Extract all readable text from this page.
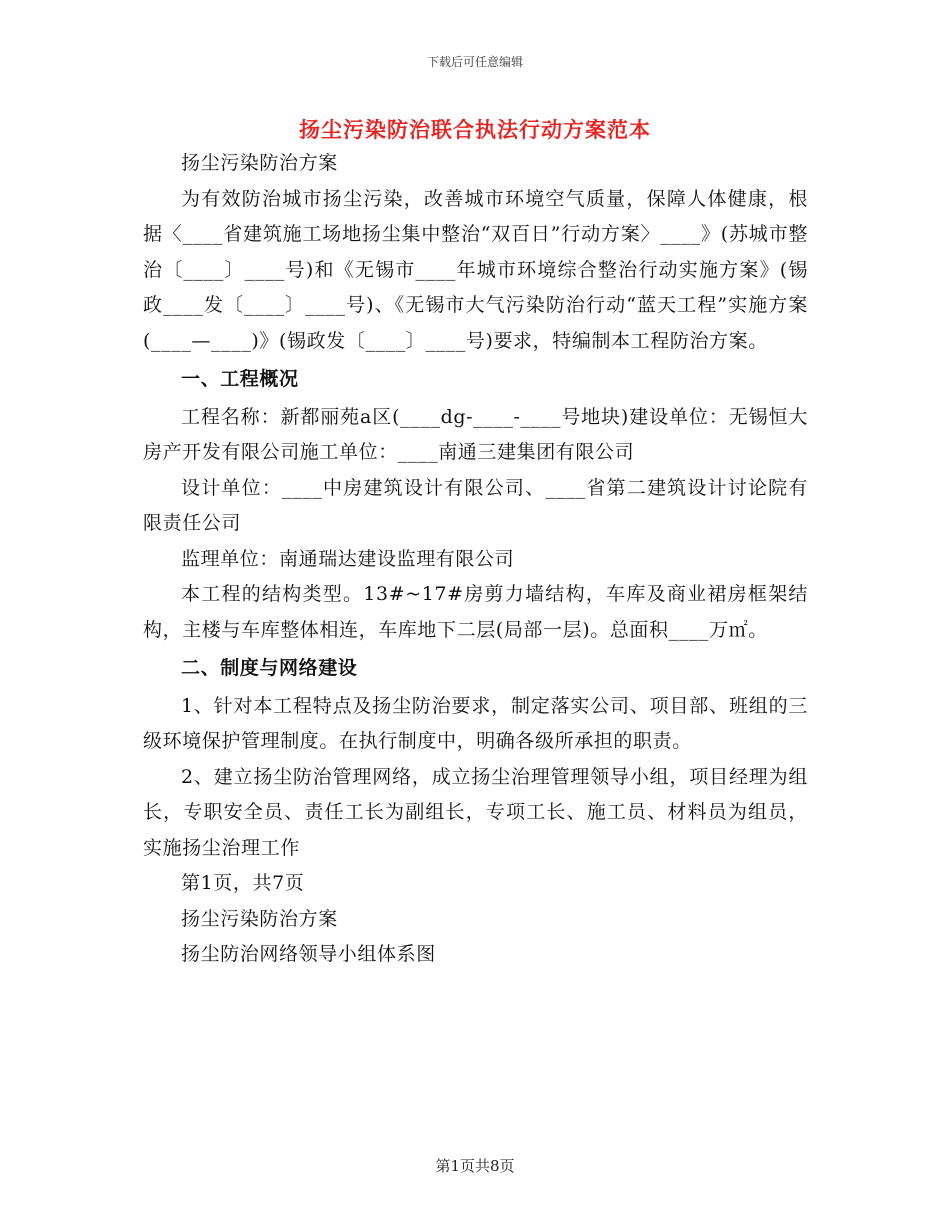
下载后可任意编辑
扬尘污染防治联合执法行动方案范本

扬尘污染防治方案

为有效防治城市扬尘污染，改善城市环境空气质量，保障人体健康，根据〈____省建筑施工场地扬尘集中整治“双百日”行动方案〉____》(苏城市整治〔____〕____号)和《无锡市____年城市环境综合整治行动实施方案》(锡政____发〔____〕____号)、《无锡市大气污染防治行动“蓝天工程”实施方案(____—____)》(锡政发〔____〕____号)要求，特编制本工程防治方案。

一、工程概况

工程名称：新都丽苑a区(____dg-____-____号地块)建设单位：无锡恒大房产开发有限公司施工单位：____南通三建集团有限公司

设计单位：____中房建筑设计有限公司、____省第二建筑设计讨论院有限责任公司

监理单位：南通瑞达建设监理有限公司

本工程的结构类型。13#~17#房剪力墙结构，车库及商业裙房框架结构，主楼与车库整体相连，车库地下二层(局部一层)。总面积____万㎡。

二、制度与网络建设

1、针对本工程特点及扬尘防治要求，制定落实公司、项目部、班组的三级环境保护管理制度。在执行制度中，明确各级所承担的职责。

2、建立扬尘防治管理网络，成立扬尘治理管理领导小组，项目经理为组长，专职安全员、责任工长为副组长，专项工长、施工员、材料员为组员，实施扬尘治理工作

第1页，共7页

扬尘污染防治方案

扬尘防治网络领导小组体系图

第1页共8页
